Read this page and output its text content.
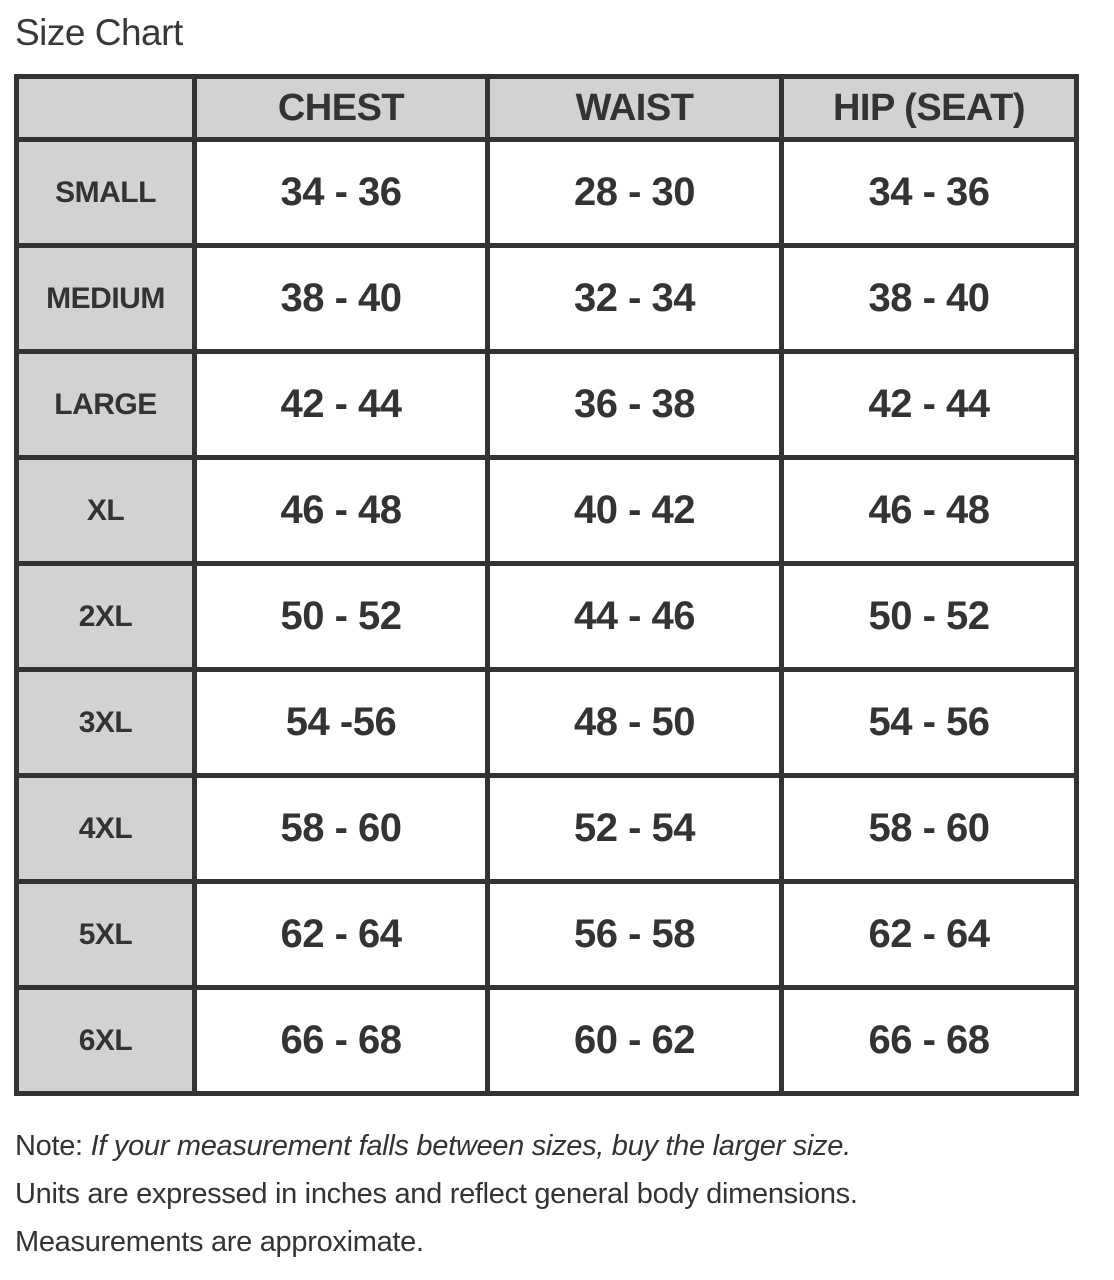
Size Chart
	CHEST	WAIST	HIP (SEAT)
SMALL	34 - 36	28 - 30	34 - 36
MEDIUM	38 - 40	32 - 34	38 - 40
LARGE	42 - 44	36 - 38	42 - 44
XL	46 - 48	40 - 42	46 - 48
2XL	50 - 52	44 - 46	50 - 52
3XL	54 -56	48 - 50	54 - 56
4XL	58 - 60	52 - 54	58 - 60
5XL	62 - 64	56 - 58	62 - 64
6XL	66 - 68	60 - 62	66 - 68
Note: If your measurement falls between sizes, buy the larger size.
Units are expressed in inches and reflect general body dimensions.
Measurements are approximate.
